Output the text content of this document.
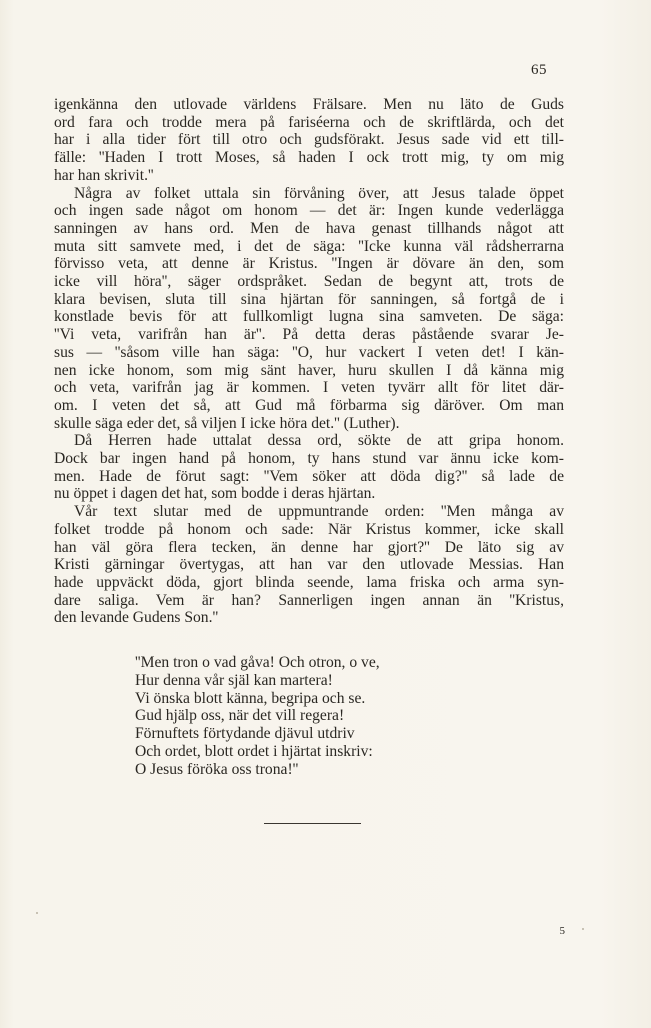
65
igenkänna den utlovade världens Frälsare. Men nu läto de Guds
ord fara och trodde mera på fariséerna och de skriftlärda, och det
har i alla tider fört till otro och gudsförakt. Jesus sade vid ett till-
fälle: ''Haden I trott Moses, så haden I ock trott mig, ty om mig
har han skrivit.''
Några av folket uttala sin förvåning över, att Jesus talade öppet
och ingen sade något om honom — det är: Ingen kunde vederlägga
sanningen av hans ord. Men de hava genast tillhands något att
muta sitt samvete med, i det de säga: ''Icke kunna väl rådsherrarna
förvisso veta, att denne är Kristus. ''Ingen är dövare än den, som
icke vill höra'', säger ordspråket. Sedan de begynt att, trots de
klara bevisen, sluta till sina hjärtan för sanningen, så fortgå de i
konstlade bevis för att fullkomligt lugna sina samveten. De säga:
''Vi veta, varifrån han är''. På detta deras påstående svarar Je-
sus — ''såsom ville han säga: ''O, hur vackert I veten det! I kän-
nen icke honom, som mig sänt haver, huru skullen I då känna mig
och veta, varifrån jag är kommen. I veten tyvärr allt för litet där-
om. I veten det så, att Gud må förbarma sig däröver. Om man
skulle säga eder det, så viljen I icke höra det.'' (Luther).
Då Herren hade uttalat dessa ord, sökte de att gripa honom.
Dock bar ingen hand på honom, ty hans stund var ännu icke kom-
men. Hade de förut sagt: ''Vem söker att döda dig?'' så lade de
nu öppet i dagen det hat, som bodde i deras hjärtan.
Vår text slutar med de uppmuntrande orden: ''Men många av
folket trodde på honom och sade: När Kristus kommer, icke skall
han väl göra flera tecken, än denne har gjort?'' De läto sig av
Kristi gärningar övertygas, att han var den utlovade Messias. Han
hade uppväckt döda, gjort blinda seende, lama friska och arma syn-
dare saliga. Vem är han? Sannerligen ingen annan än ''Kristus,
den levande Gudens Son.''
''Men tron o vad gåva! Och otron, o ve,
Hur denna vår själ kan martera!
Vi önska blott känna, begripa och se.
Gud hjälp oss, när det vill regera!
Förnuftets förtydande djävul utdriv
Och ordet, blott ordet i hjärtat inskriv:
O Jesus föröka oss trona!''
5
